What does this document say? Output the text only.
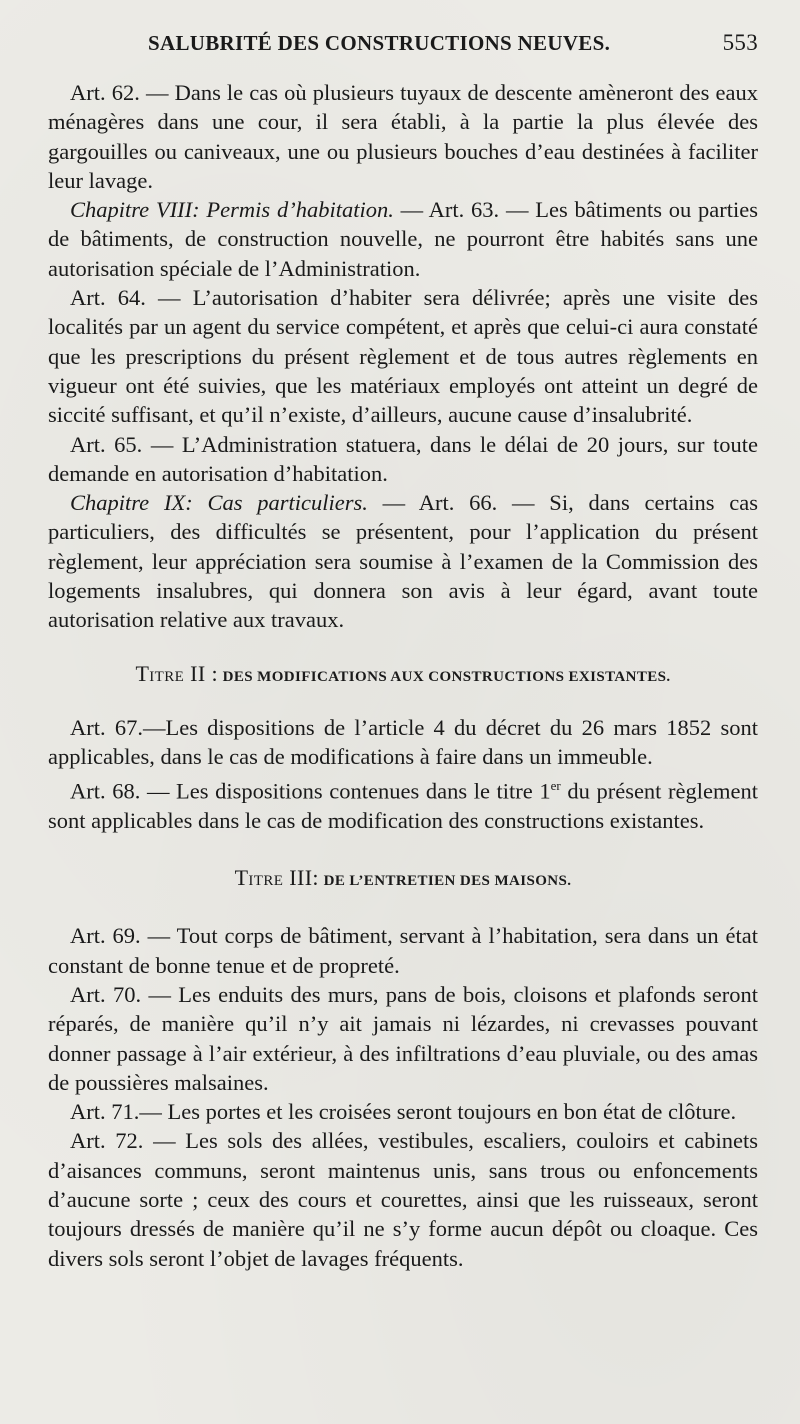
SALUBRITÉ DES CONSTRUCTIONS NEUVES.	553

Art. 62. — Dans le cas où plusieurs tuyaux de descente amèneront des eaux ménagères dans une cour, il sera établi, à la partie la plus élevée des gargouilles ou caniveaux, une ou plusieurs bouches d’eau destinées à faciliter leur lavage.

Chapitre VIII: Permis d’habitation. — Art. 63. — Les bâtiments ou parties de bâtiments, de construction nouvelle, ne pourront être habités sans une autorisation spéciale de l’Administration.

Art. 64. — L’autorisation d’habiter sera délivrée; après une visite des localités par un agent du service compétent, et après que celui-ci aura constaté que les prescriptions du présent règlement et de tous autres règlements en vigueur ont été suivies, que les matériaux employés ont atteint un degré de siccité suffisant, et qu’il n’existe, d’ailleurs, aucune cause d’insalubrité.

Art. 65. — L’Administration statuera, dans le délai de 20 jours, sur toute demande en autorisation d’habitation.

Chapitre IX: Cas particuliers. — Art. 66. — Si, dans certains cas particuliers, des difficultés se présentent, pour l’application du présent règlement, leur appréciation sera soumise à l’examen de la Commission des logements insalubres, qui donnera son avis à leur égard, avant toute autorisation relative aux travaux.

Titre II : DES MODIFICATIONS AUX CONSTRUCTIONS EXISTANTES.

Art. 67.—Les dispositions de l’article 4 du décret du 26 mars 1852 sont applicables, dans le cas de modifications à faire dans un immeuble.

Art. 68. — Les dispositions contenues dans le titre 1er du présent règlement sont applicables dans le cas de modification des constructions existantes.

Titre III: DE L’ENTRETIEN DES MAISONS.

Art. 69. — Tout corps de bâtiment, servant à l’habitation, sera dans un état constant de bonne tenue et de propreté.

Art. 70. — Les enduits des murs, pans de bois, cloisons et plafonds seront réparés, de manière qu’il n’y ait jamais ni lézardes, ni crevasses pouvant donner passage à l’air extérieur, à des infiltrations d’eau pluviale, ou des amas de poussières malsaines.

Art. 71.— Les portes et les croisées seront toujours en bon état de clôture.

Art. 72. — Les sols des allées, vestibules, escaliers, couloirs et cabinets d’aisances communs, seront maintenus unis, sans trous ou enfoncements d’aucune sorte ; ceux des cours et courettes, ainsi que les ruisseaux, seront toujours dressés de manière qu’il ne s’y forme aucun dépôt ou cloaque. Ces divers sols seront l’objet de lavages fréquents.
